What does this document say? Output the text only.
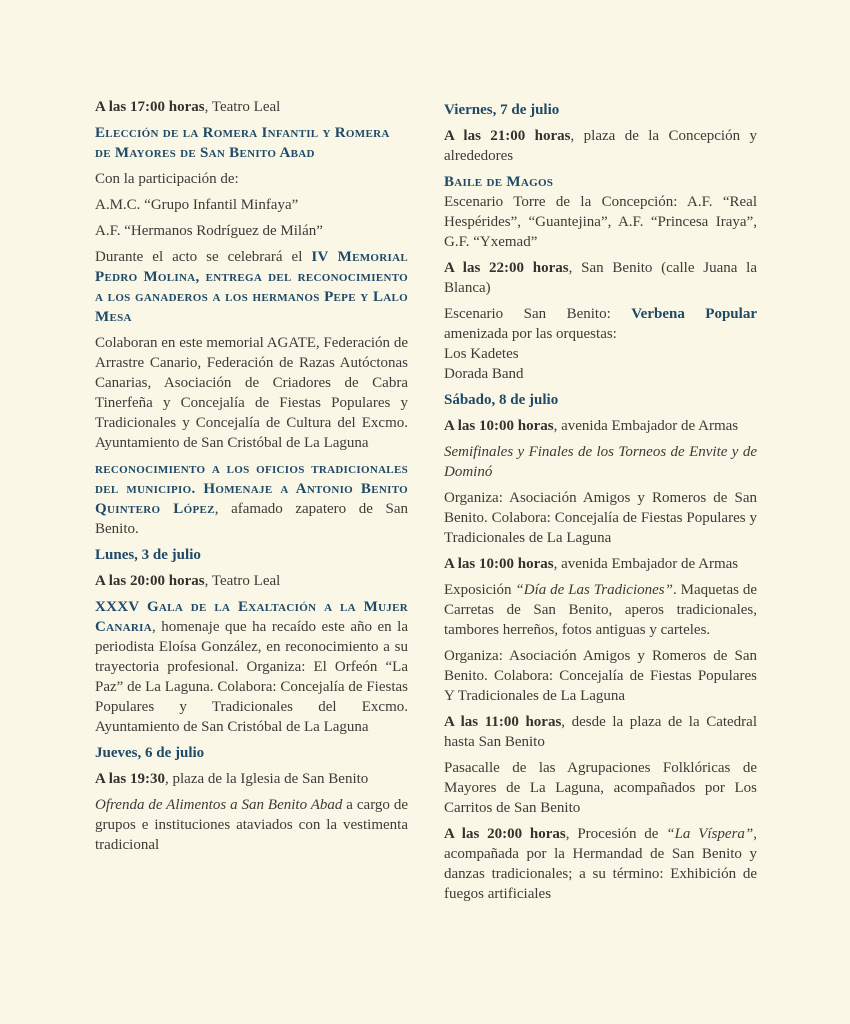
A las 17:00 horas, Teatro Leal

Elección de la Romera Infantil y Romera de Mayores de San Benito Abad

Con la participación de:

A.M.C. “Grupo Infantil Minfaya”

A.F. “Hermanos Rodríguez de Milán”

Durante el acto se celebrará el IV Memorial Pedro Molina, entrega del reconocimiento a los ganaderos a los hermanos Pepe y Lalo Mesa

Colaboran en este memorial AGATE, Federación de Arrastre Canario, Federación de Razas Autóctonas Canarias, Asociación de Criadores de Cabra Tinerfeña y Concejalía de Fiestas Populares y Tradicionales y Concejalía de Cultura del Excmo. Ayuntamiento de San Cristóbal de La Laguna

reconocimiento a los oficios tradicionales del municipio. Homenaje a Antonio Benito Quintero López, afamado zapatero de San Benito.

Lunes, 3 de julio

A las 20:00 horas, Teatro Leal

XXXV Gala de la Exaltación a la Mujer Canaria, homenaje que ha recaído este año en la periodista Eloísa González, en reconocimiento a su trayectoria profesional. Organiza: El Orfeón “La Paz” de La Laguna. Colabora: Concejalía de Fiestas Populares y Tradicionales del Excmo. Ayuntamiento de San Cristóbal de La Laguna

Jueves, 6 de julio

A las 19:30, plaza de la Iglesia de San Benito

Ofrenda de Alimentos a San Benito Abad a cargo de grupos e instituciones ataviados con la vestimenta tradicional

Viernes, 7 de julio

A las 21:00 horas, plaza de la Concepción y alrededores

Baile de Magos

Escenario Torre de la Concepción: A.F. “Real Hespérides”, “Guantejina”, A.F. “Princesa Iraya”, G.F. “Yxemad”

A las 22:00 horas, San Benito (calle Juana la Blanca)

Escenario San Benito: Verbena Popular amenizada por las orquestas:

Los Kadetes

Dorada Band

Sábado, 8 de julio

A las 10:00 horas, avenida Embajador de Armas

Semifinales y Finales de los Torneos de Envite y de Dominó

Organiza: Asociación Amigos y Romeros de San Benito. Colabora: Concejalía de Fiestas Populares y Tradicionales de La Laguna

A las 10:00 horas, avenida Embajador de Armas

Exposición “Día de Las Tradiciones”. Maquetas de Carretas de San Benito, aperos tradicionales, tambores herreños, fotos antiguas y carteles.

Organiza: Asociación Amigos y Romeros de San Benito. Colabora: Concejalía de Fiestas Populares Y Tradicionales de La Laguna

A las 11:00 horas, desde la plaza de la Catedral hasta San Benito

Pasacalle de las Agrupaciones Folklóricas de Mayores de La Laguna, acompañados por Los Carritos de San Benito

A las 20:00 horas, Procesión de “La Víspera”, acompañada por la Hermandad de San Benito y danzas tradicionales; a su término: Exhibición de fuegos artificiales
